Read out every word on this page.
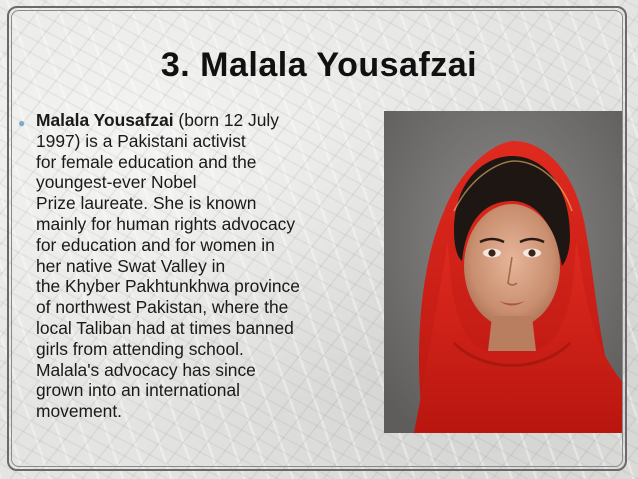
3. Malala Yousafzai
● Malala Yousafzai (born 12 July
1997) is a Pakistani activist
for female education and the
youngest-ever Nobel
Prize laureate. She is known
mainly for human rights advocacy
for education and for women in
her native Swat Valley in
the Khyber Pakhtunkhwa province
of northwest Pakistan, where the
local Taliban had at times banned
girls from attending school.
Malala's advocacy has since
grown into an international
movement.
